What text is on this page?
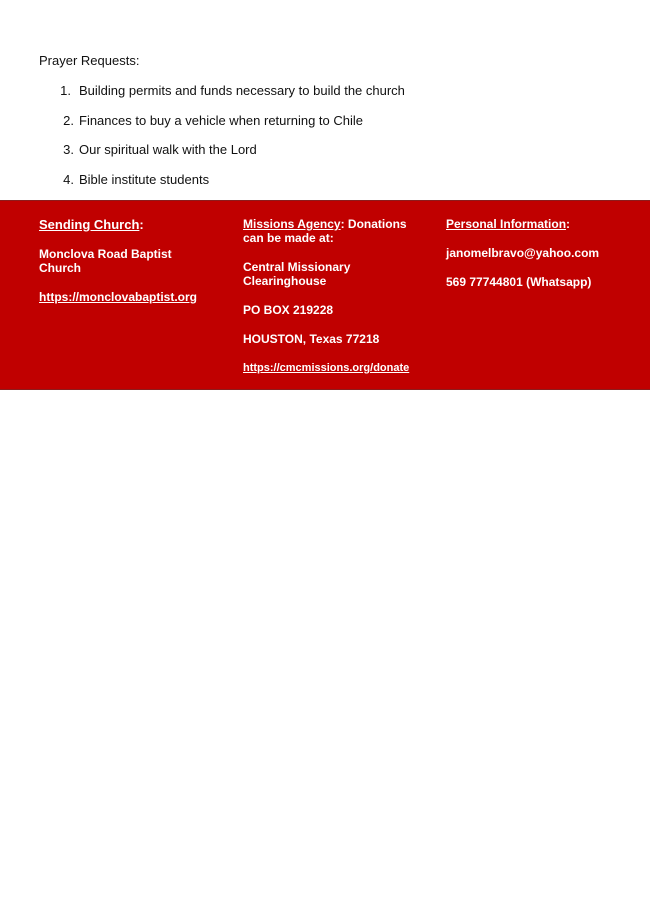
Prayer Requests:

1. Building permits and funds necessary to build the church
2. Finances to buy a vehicle when returning to Chile
3. Our spiritual walk with the Lord
4. Bible institute students

Sending Church:

Monclova Road Baptist Church

https://monclovabaptist.org

Missions Agency: Donations can be made at:

Central Missionary Clearinghouse

PO BOX 219228

HOUSTON, Texas 77218

https://cmcmissions.org/donate

Personal Information:

janomelbravo@yahoo.com

569 77744801 (Whatsapp)
